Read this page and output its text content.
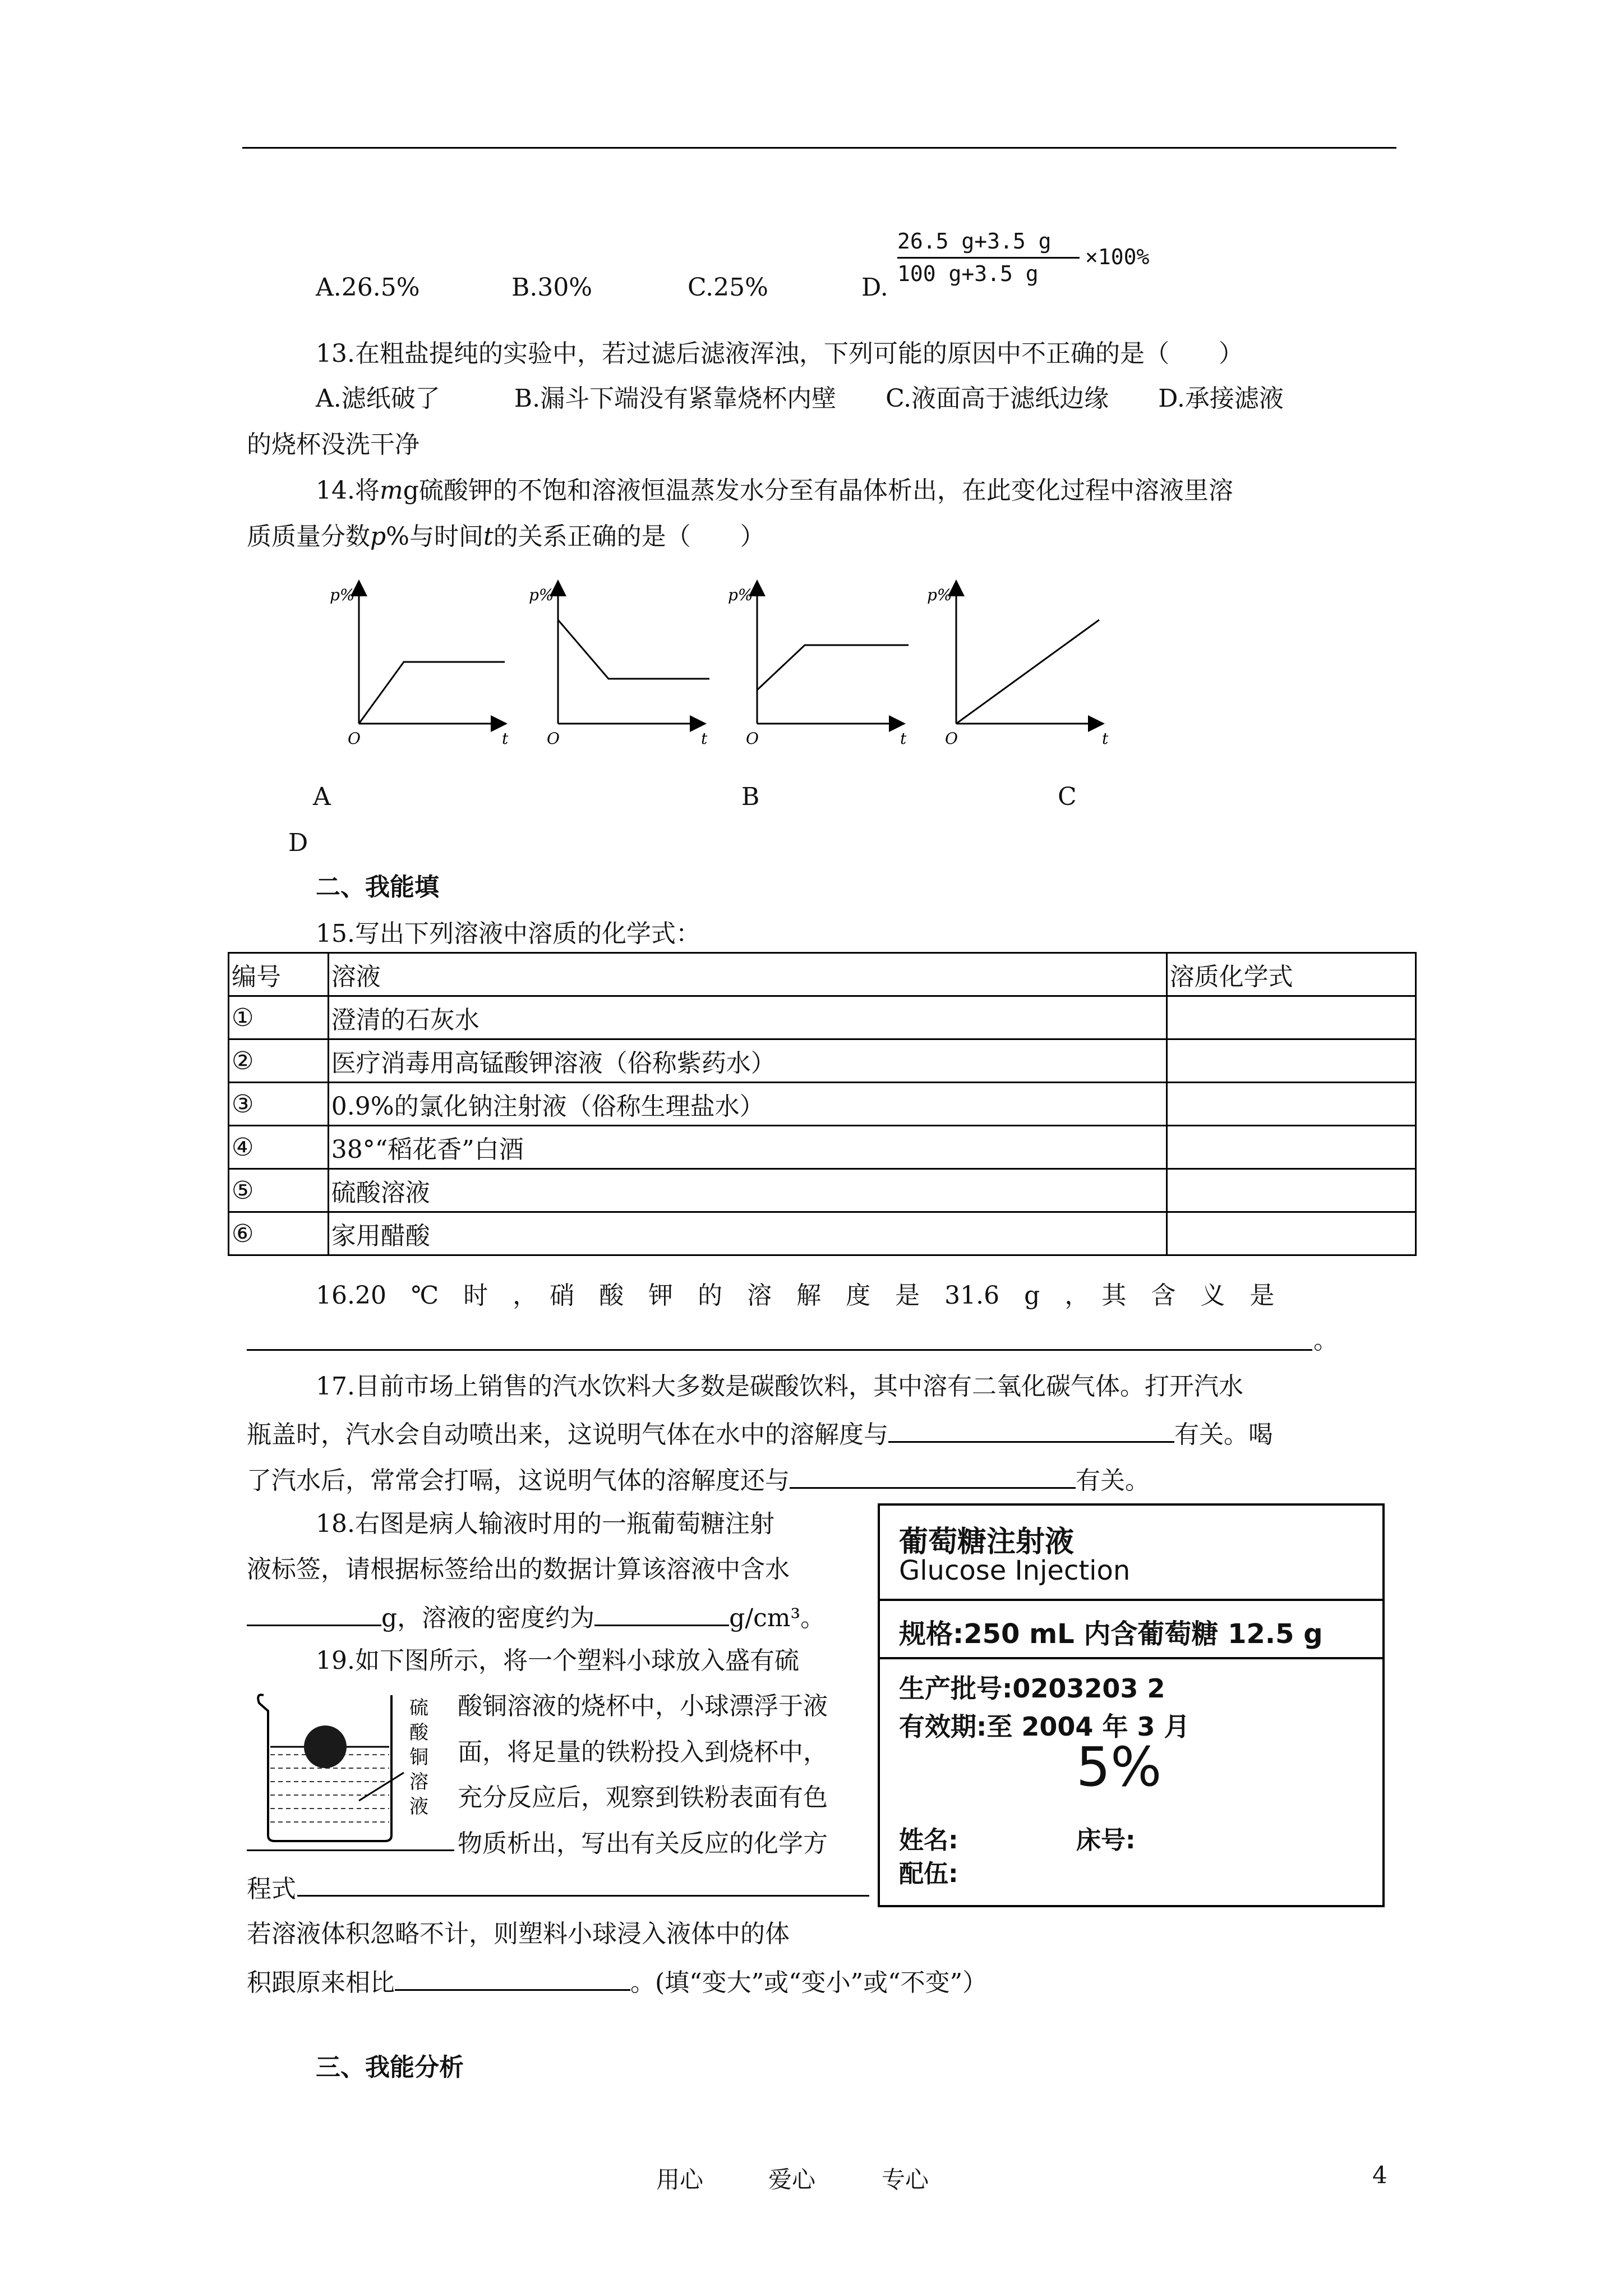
A.26.5%	B.30%	C.25%	D.
26.5 g+3.5 g
100 g+3.5 g
×100%
13.在粗盐提纯的实验中，若过滤后滤液浑浊，下列可能的原因中不正确的是（　　）
A.滤纸破了　　　B.漏斗下端没有紧靠烧杯内壁　　C.液面高于滤纸边缘　　D.承接滤液
的烧杯没洗干净
14.将mg硫酸钾的不饱和溶液恒温蒸发水分至有晶体析出，在此变化过程中溶液里溶
质质量分数p%与时间t的关系正确的是（　　）
p%
O	t
p%
O	t
p%
O	t
p%
O	t
A	B	C
D
二、我能填
15.写出下列溶液中溶质的化学式：
编号	溶液	溶质化学式
①	澄清的石灰水	
②	医疗消毒用高锰酸钾溶液（俗称紫药水）	
③	0.9%的氯化钠注射液（俗称生理盐水）	
④	38°“稻花香”白酒	
⑤	硫酸溶液	
⑥	家用醋酸	
16.20　℃　时　，　硝　酸　钾　的　溶　解　度　是　31.6　g　，　其　含　义　是
。
17.目前市场上销售的汽水饮料大多数是碳酸饮料，其中溶有二氧化碳气体。打开汽水
瓶盖时，汽水会自动喷出来，这说明气体在水中的溶解度与	有关。喝
了汽水后，常常会打嗝，这说明气体的溶解度还与	有关。
18.右图是病人输液时用的一瓶葡萄糖注射
液标签，请根据标签给出的数据计算该溶液中含水
g，溶液的密度约为	g/cm³。
19.如下图所示，将一个塑料小球放入盛有硫
酸铜溶液的烧杯中，小球漂浮于液
面，将足量的铁粉投入到烧杯中，
充分反应后，观察到铁粉表面有色
物质析出，写出有关反应的化学方
程式
若溶液体积忽略不计，则塑料小球浸入液体中的体
积跟原来相比	。(填“变大”或“变小”或“不变”）
硫
酸
铜
溶
液
葡萄糖注射液
Glucose Injection
规格:250 mL 内含葡萄糖 12.5 g
生产批号:0203203 2
有效期:至 2004 年 3 月
5%
姓名:	床号:
配伍:
三、我能分析
用心	爱心	专心	4
